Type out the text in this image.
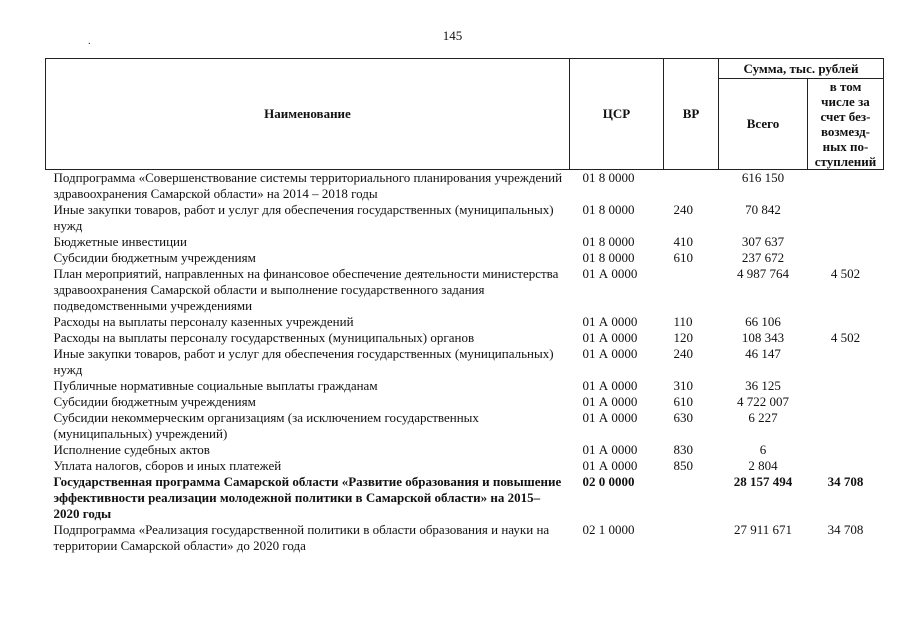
145
.
Наименование	ЦСР	ВР	Сумма, тыс. рублей	
			Всего	в том числе за счет без-возмезд-ных по-ступлений
Подпрограмма «Совершенствование системы территориального планирования учреждений здравоохранения Самарской области» на 2014 – 2018 годы	01 8 0000		616 150	
Иные закупки товаров, работ и услуг для обеспечения государственных (муниципальных) нужд	01 8 0000	240	70 842	
Бюджетные инвестиции	01 8 0000	410	307 637	
Субсидии бюджетным учреждениям	01 8 0000	610	237 672	
План мероприятий, направленных на финансовое обеспечение деятельности министерства здравоохранения Самарской области и выполнение государственного задания подведомственными учреждениями	01 А 0000		4 987 764	4 502
Расходы на выплаты персоналу казенных учреждений	01 А 0000	110	66 106	
Расходы на выплаты персоналу государственных (муниципальных) органов	01 А 0000	120	108 343	4 502
Иные закупки товаров, работ и услуг для обеспечения государственных (муниципальных) нужд	01 А 0000	240	46 147	
Публичные нормативные социальные выплаты гражданам	01 А 0000	310	36 125	
Субсидии бюджетным учреждениям	01 А 0000	610	4 722 007	
Субсидии некоммерческим организациям (за исключением государственных (муниципальных) учреждений)	01 А 0000	630	6 227	
Исполнение судебных актов	01 А 0000	830	6	
Уплата налогов, сборов и иных платежей	01 А 0000	850	2 804	
Государственная программа Самарской области «Развитие образования и повышение эффективности реализации молодежной политики в Самарской области» на 2015–2020 годы	02 0 0000		28 157 494	34 708
Подпрограмма «Реализация государственной политики в области образования и науки на территории Самарской области» до 2020 года	02 1 0000		27 911 671	34 708
